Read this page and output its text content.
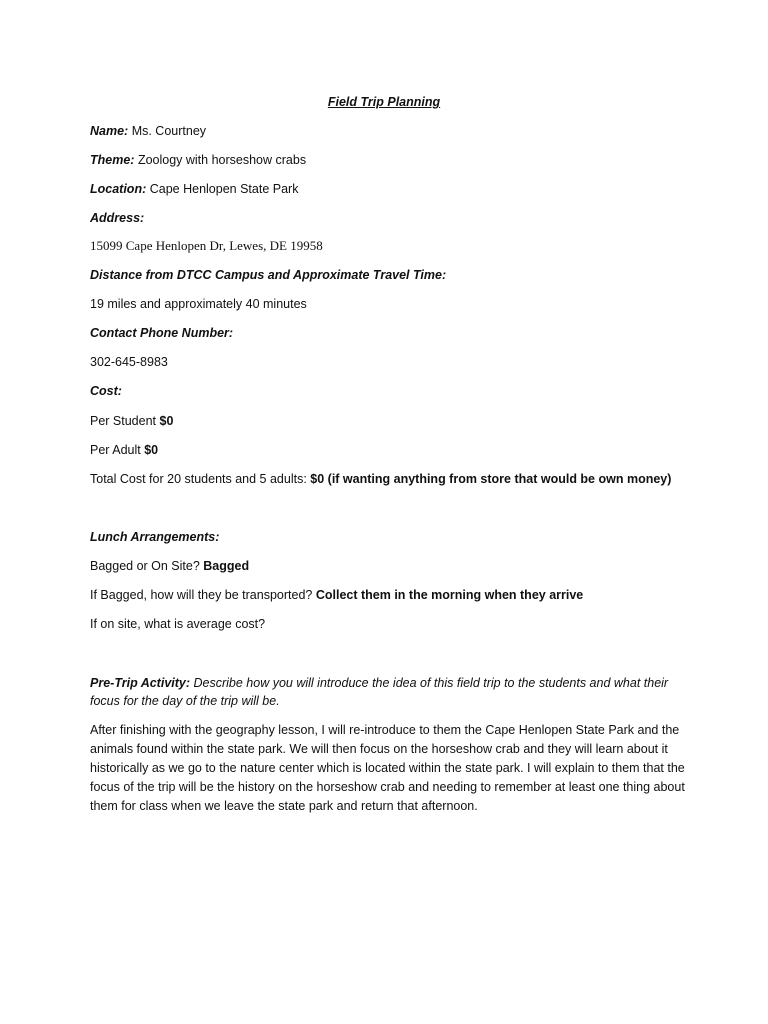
Field Trip Planning
Name: Ms. Courtney
Theme: Zoology with horseshow crabs
Location: Cape Henlopen State Park
Address:
15099 Cape Henlopen Dr, Lewes, DE 19958
Distance from DTCC Campus and Approximate Travel Time:
19 miles and approximately 40 minutes
Contact Phone Number:
302-645-8983
Cost:
Per Student $0
Per Adult $0
Total Cost for 20 students and 5 adults: $0 (if wanting anything from store that would be own money)
Lunch Arrangements:
Bagged or On Site? Bagged
If Bagged, how will they be transported? Collect them in the morning when they arrive
If on site, what is average cost?
Pre-Trip Activity: Describe how you will introduce the idea of this field trip to the students and what their focus for the day of the trip will be.
After finishing with the geography lesson, I will re-introduce to them the Cape Henlopen State Park and the animals found within the state park. We will then focus on the horseshow crab and they will learn about it historically as we go to the nature center which is located within the state park. I will explain to them that the focus of the trip will be the history on the horseshow crab and needing to remember at least one thing about them for class when we leave the state park and return that afternoon.
